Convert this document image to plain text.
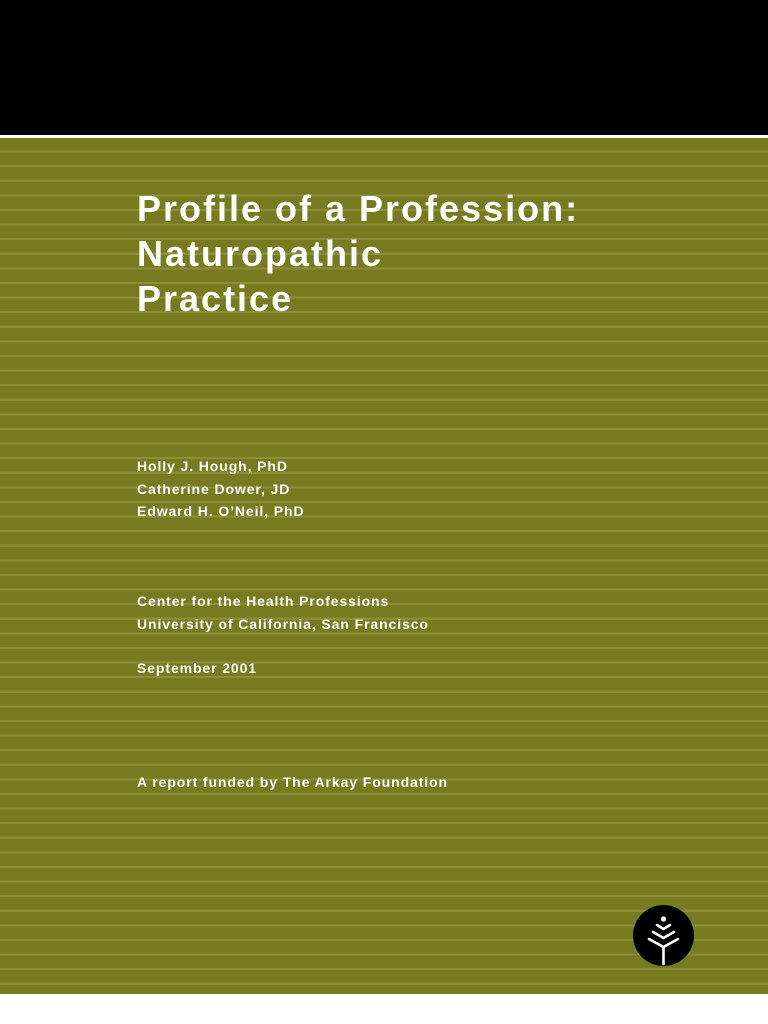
Profile of a Profession:
Naturopathic
Practice
Holly J. Hough, PhD
Catherine Dower, JD
Edward H. O’Neil, PhD
Center for the Health Professions
University of California, San Francisco
September 2001
A report funded by The Arkay Foundation
